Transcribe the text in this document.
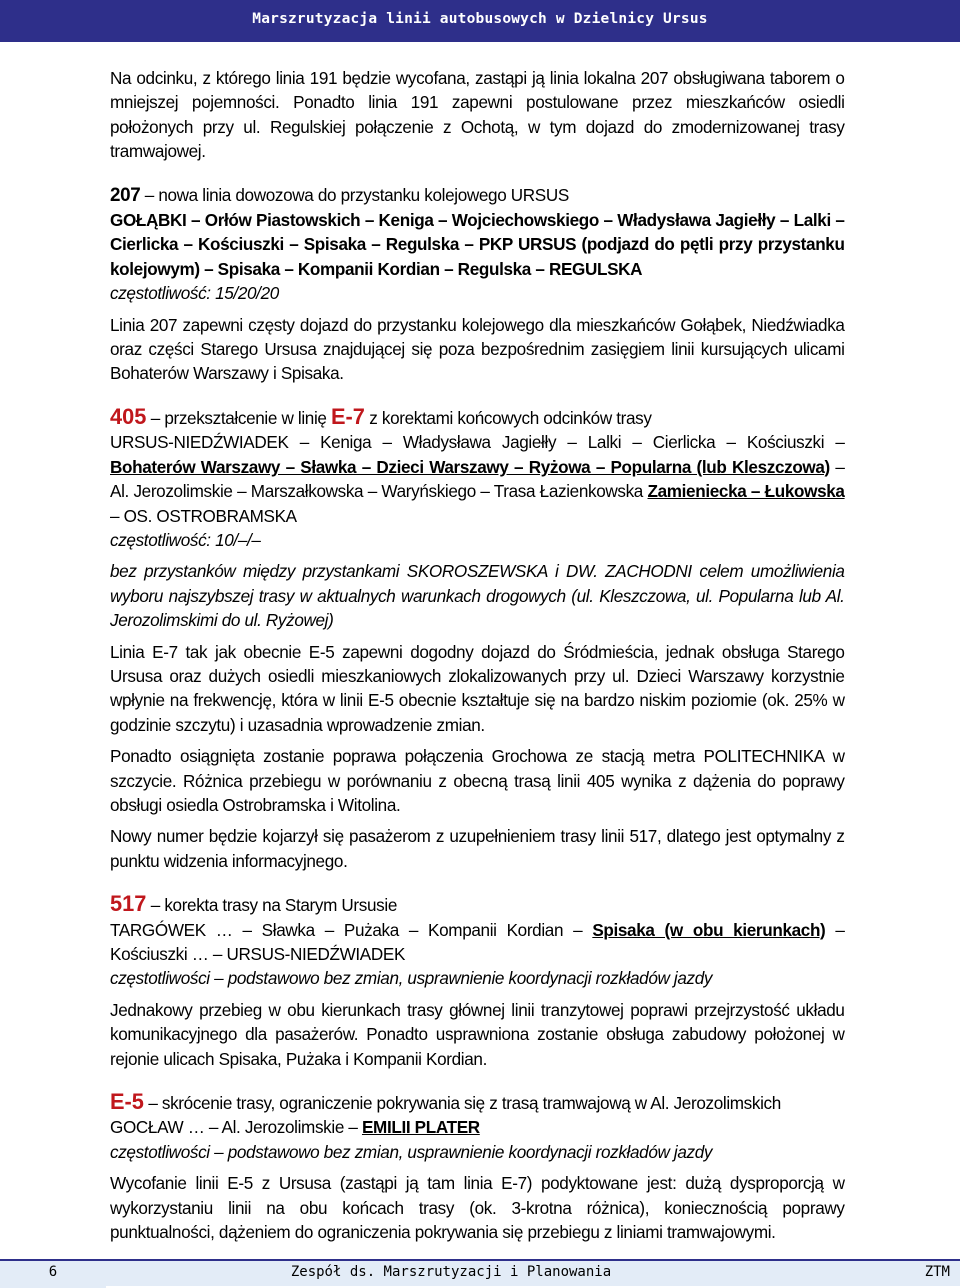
Marszrutyzacja linii autobusowych w Dzielnicy Ursus

Na odcinku, z którego linia 191 będzie wycofana, zastąpi ją linia lokalna 207 obsługiwana taborem o mniejszej pojemności. Ponadto linia 191 zapewni postulowane przez mieszkańców osiedli położonych przy ul. Regulskiej połączenie z Ochotą, w tym dojazd do zmodernizowanej trasy tramwajowej.

207 – nowa linia dowozowa do przystanku kolejowego URSUS

GOŁĄBKI – Orłów Piastowskich – Keniga – Wojciechowskiego – Władysława Jagiełły – Lalki – Cierlicka – Kościuszki – Spisaka – Regulska – PKP URSUS (podjazd do pętli przy przystanku kolejowym) – Spisaka – Kompanii Kordian – Regulska – REGULSKA

częstotliwość: 15/20/20

Linia 207 zapewni częsty dojazd do przystanku kolejowego dla mieszkańców Gołąbek, Niedźwiadka oraz części Starego Ursusa znajdującej się poza bezpośrednim zasięgiem linii kursujących ulicami Bohaterów Warszawy i Spisaka.

405 – przekształcenie w linię E-7 z korektami końcowych odcinków trasy

URSUS-NIEDŹWIADEK – Keniga – Władysława Jagiełły – Lalki – Cierlicka – Kościuszki – Bohaterów Warszawy – Sławka – Dzieci Warszawy – Ryżowa – Popularna (lub Kleszczowa) – Al. Jerozolimskie – Marszałkowska – Waryńskiego – Trasa Łazienkowska Zamieniecka – Łukowska – OS. OSTROBRAMSKA

częstotliwość: 10/–/–

bez przystanków między przystankami SKOROSZEWSKA i DW. ZACHODNI celem umożliwienia wyboru najszybszej trasy w aktualnych warunkach drogowych (ul. Kleszczowa, ul. Popularna lub Al. Jerozolimskimi do ul. Ryżowej)

Linia E-7 tak jak obecnie E-5 zapewni dogodny dojazd do Śródmieścia, jednak obsługa Starego Ursusa oraz dużych osiedli mieszkaniowych zlokalizowanych przy ul. Dzieci Warszawy korzystnie wpłynie na frekwencję, która w linii E-5 obecnie kształtuje się na bardzo niskim poziomie (ok. 25% w godzinie szczytu) i uzasadnia wprowadzenie zmian.

Ponadto osiągnięta zostanie poprawa połączenia Grochowa ze stacją metra POLITECHNIKA w szczycie. Różnica przebiegu w porównaniu z obecną trasą linii 405 wynika z dążenia do poprawy obsługi osiedla Ostrobramska i Witolina.

Nowy numer będzie kojarzył się pasażerom z uzupełnieniem trasy linii 517, dlatego jest optymalny z punktu widzenia informacyjnego.

517 – korekta trasy na Starym Ursusie

TARGÓWEK … – Sławka – Pużaka – Kompanii Kordian – Spisaka (w obu kierunkach) – Kościuszki … – URSUS-NIEDŹWIADEK

częstotliwości – podstawowo bez zmian, usprawnienie koordynacji rozkładów jazdy

Jednakowy przebieg w obu kierunkach trasy głównej linii tranzytowej poprawi przejrzystość układu komunikacyjnego dla pasażerów. Ponadto usprawniona zostanie obsługa zabudowy położonej w rejonie ulicach Spisaka, Pużaka i Kompanii Kordian.

E-5 – skrócenie trasy, ograniczenie pokrywania się z trasą tramwajową w Al. Jerozolimskich

GOCŁAW … – Al. Jerozolimskie – EMILII PLATER

częstotliwości – podstawowo bez zmian, usprawnienie koordynacji rozkładów jazdy

Wycofanie linii E-5 z Ursusa (zastąpi ją tam linia E-7) podyktowane jest: dużą dysproporcją w wykorzystaniu linii na obu końcach trasy (ok. 3-krotna różnica), koniecznością poprawy punktualności, dążeniem do ograniczenia pokrywania się przebiegu z liniami tramwajowymi.

6	Zespół ds. Marszrutyzacji i Planowania	ZTM
